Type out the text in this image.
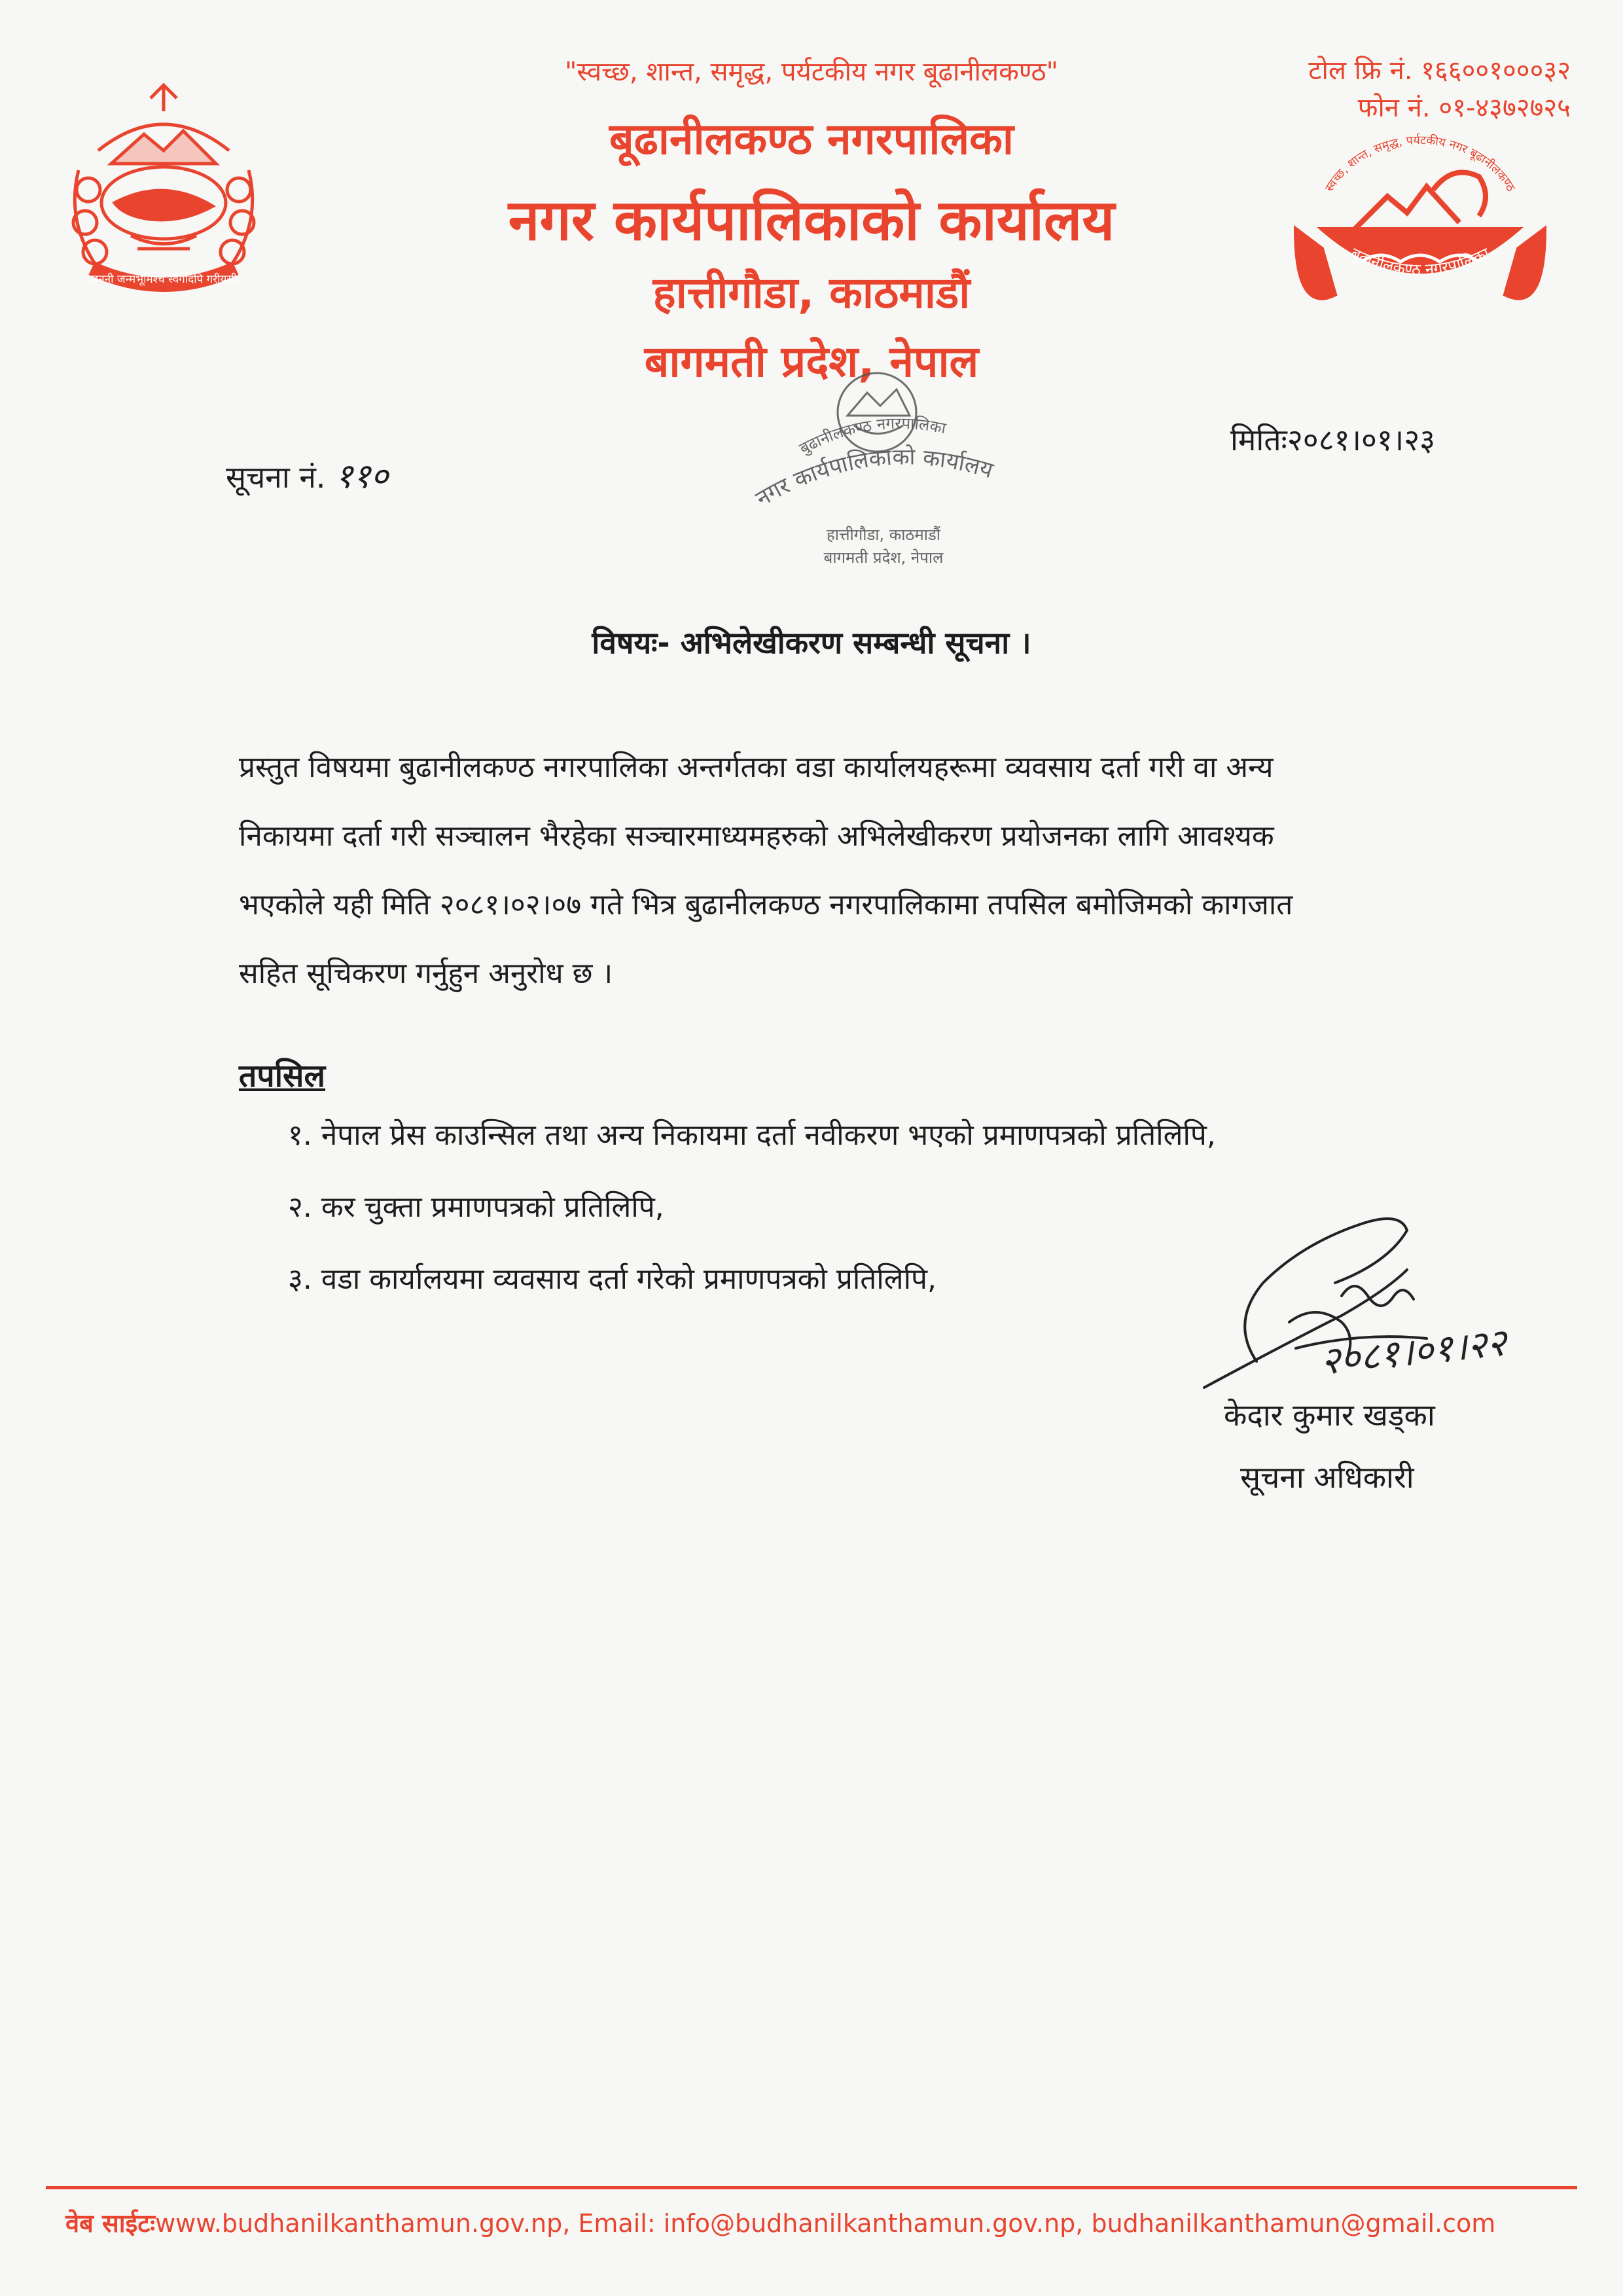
जननी जन्मभूमिश्च स्वर्गादपि गरीयसी
स्वच्छ, शान्त, समृद्ध, पर्यटकीय नगर बूढानीलकण्ठ
बूढानीलकण्ठ नगरपालिका
"स्वच्छ, शान्त, समृद्ध, पर्यटकीय नगर बूढानीलकण्ठ"
बूढानीलकण्ठ नगरपालिका
नगर कार्यपालिकाको कार्यालय
हात्तीगौडा, काठमाडौं
बागमती प्रदेश, नेपाल
टोल फ्रि नं. १६६००१०००३२
फोन नं. ०१-४३७२७२५
बुढानीलकण्ठ नगरपालिका
नगर कार्यपालिकाको कार्यालय
हात्तीगौडा, काठमाडौं
बागमती प्रदेश, नेपाल
सूचना नं. ११०
मितिः२०८१।०१।२३
विषयः- अभिलेखीकरण सम्बन्धी सूचना ।
प्रस्तुत विषयमा बुढानीलकण्ठ नगरपालिका अन्तर्गतका वडा कार्यालयहरूमा व्यवसाय दर्ता गरी वा अन्य
निकायमा दर्ता गरी सञ्चालन भैरहेका सञ्चारमाध्यमहरुको अभिलेखीकरण प्रयोजनका लागि आवश्यक
भएकोले यही मिति २०८१।०२।०७ गते भित्र बुढानीलकण्ठ नगरपालिकामा तपसिल बमोजिमको कागजात
सहित सूचिकरण गर्नुहुन अनुरोध छ ।
तपसिल
१. नेपाल प्रेस काउन्सिल तथा अन्य निकायमा दर्ता नवीकरण भएको प्रमाणपत्रको प्रतिलिपि,
२. कर चुक्ता प्रमाणपत्रको प्रतिलिपि,
३. वडा कार्यालयमा व्यवसाय दर्ता गरेको प्रमाणपत्रको प्रतिलिपि,
२०८१।०१।२२
केदार कुमार खड्का
सूचना अधिकारी
वेब साईटःwww.budhanilkanthamun.gov.np, Email: info@budhanilkanthamun.gov.np, budhanilkanthamun@gmail.com
